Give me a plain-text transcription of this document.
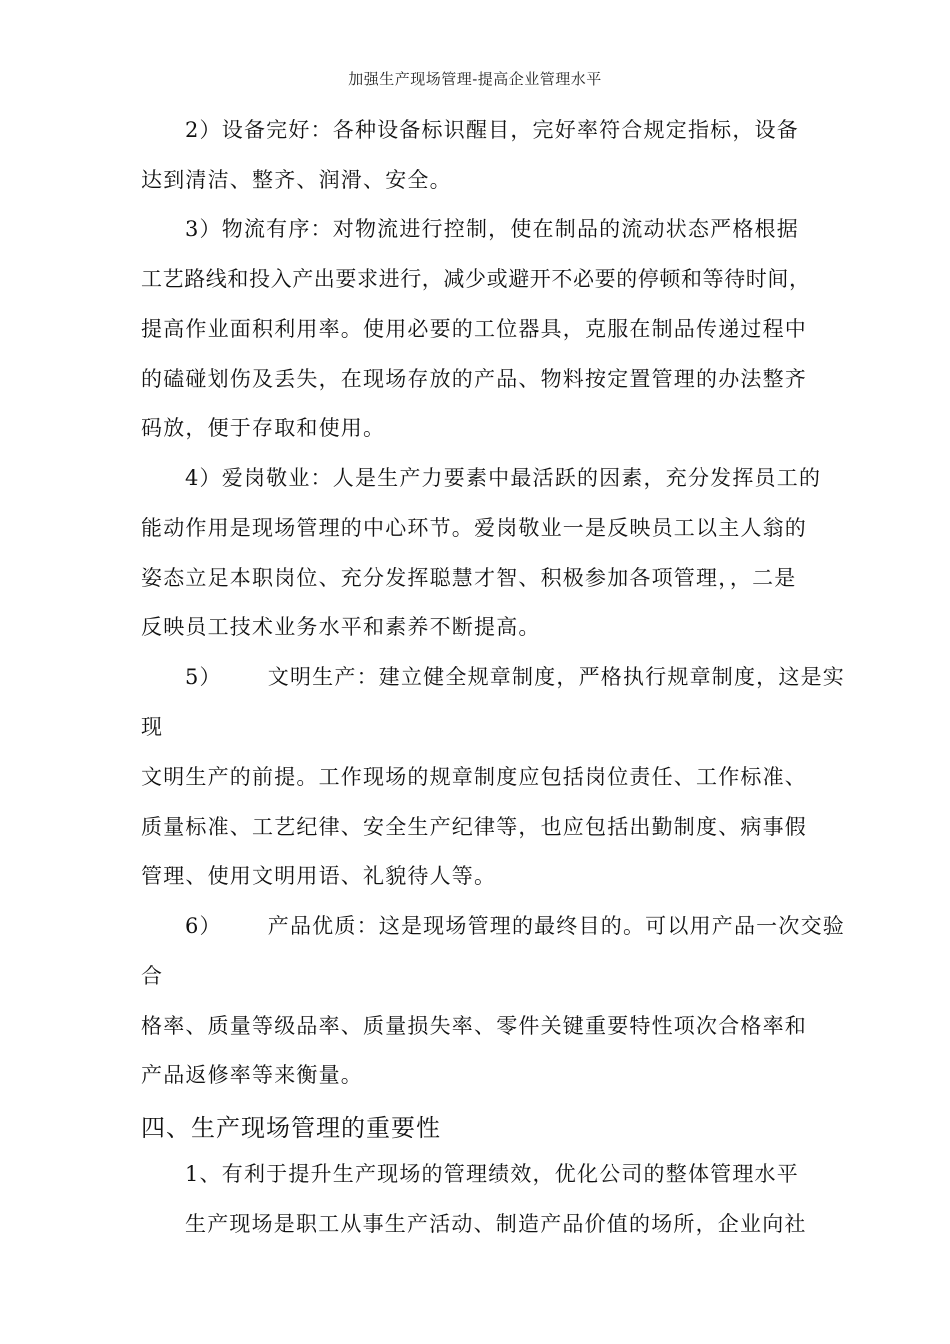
加强生产现场管理-提高企业管理水平
2）设备完好：各种设备标识醒目，完好率符合规定指标，设备
达到清洁、整齐、润滑、安全。
3）物流有序：对物流进行控制，使在制品的流动状态严格根据
工艺路线和投入产出要求进行，减少或避开不必要的停顿和等待时间，
提高作业面积利用率。使用必要的工位器具，克服在制品传递过程中
的磕碰划伤及丢失，在现场存放的产品、物料按定置管理的办法整齐
码放，便于存取和使用。
4）爱岗敬业：人是生产力要素中最活跃的因素，充分发挥员工的
能动作用是现场管理的中心环节。爱岗敬业一是反映员工以主人翁的
姿态立足本职岗位、充分发挥聪慧才智、积极参加各项管理，，二是
反映员工技术业务水平和素养不断提高。
5） 文明生产：建立健全规章制度，严格执行规章制度，这是实
现
文明生产的前提。工作现场的规章制度应包括岗位责任、工作标准、
质量标准、工艺纪律、安全生产纪律等，也应包括出勤制度、病事假
管理、使用文明用语、礼貌待人等。
6） 产品优质：这是现场管理的最终目的。可以用产品一次交验
合
格率、质量等级品率、质量损失率、零件关键重要特性项次合格率和
产品返修率等来衡量。
四、生产现场管理的重要性
1、有利于提升生产现场的管理绩效，优化公司的整体管理水平
生产现场是职工从事生产活动、制造产品价值的场所，企业向社
